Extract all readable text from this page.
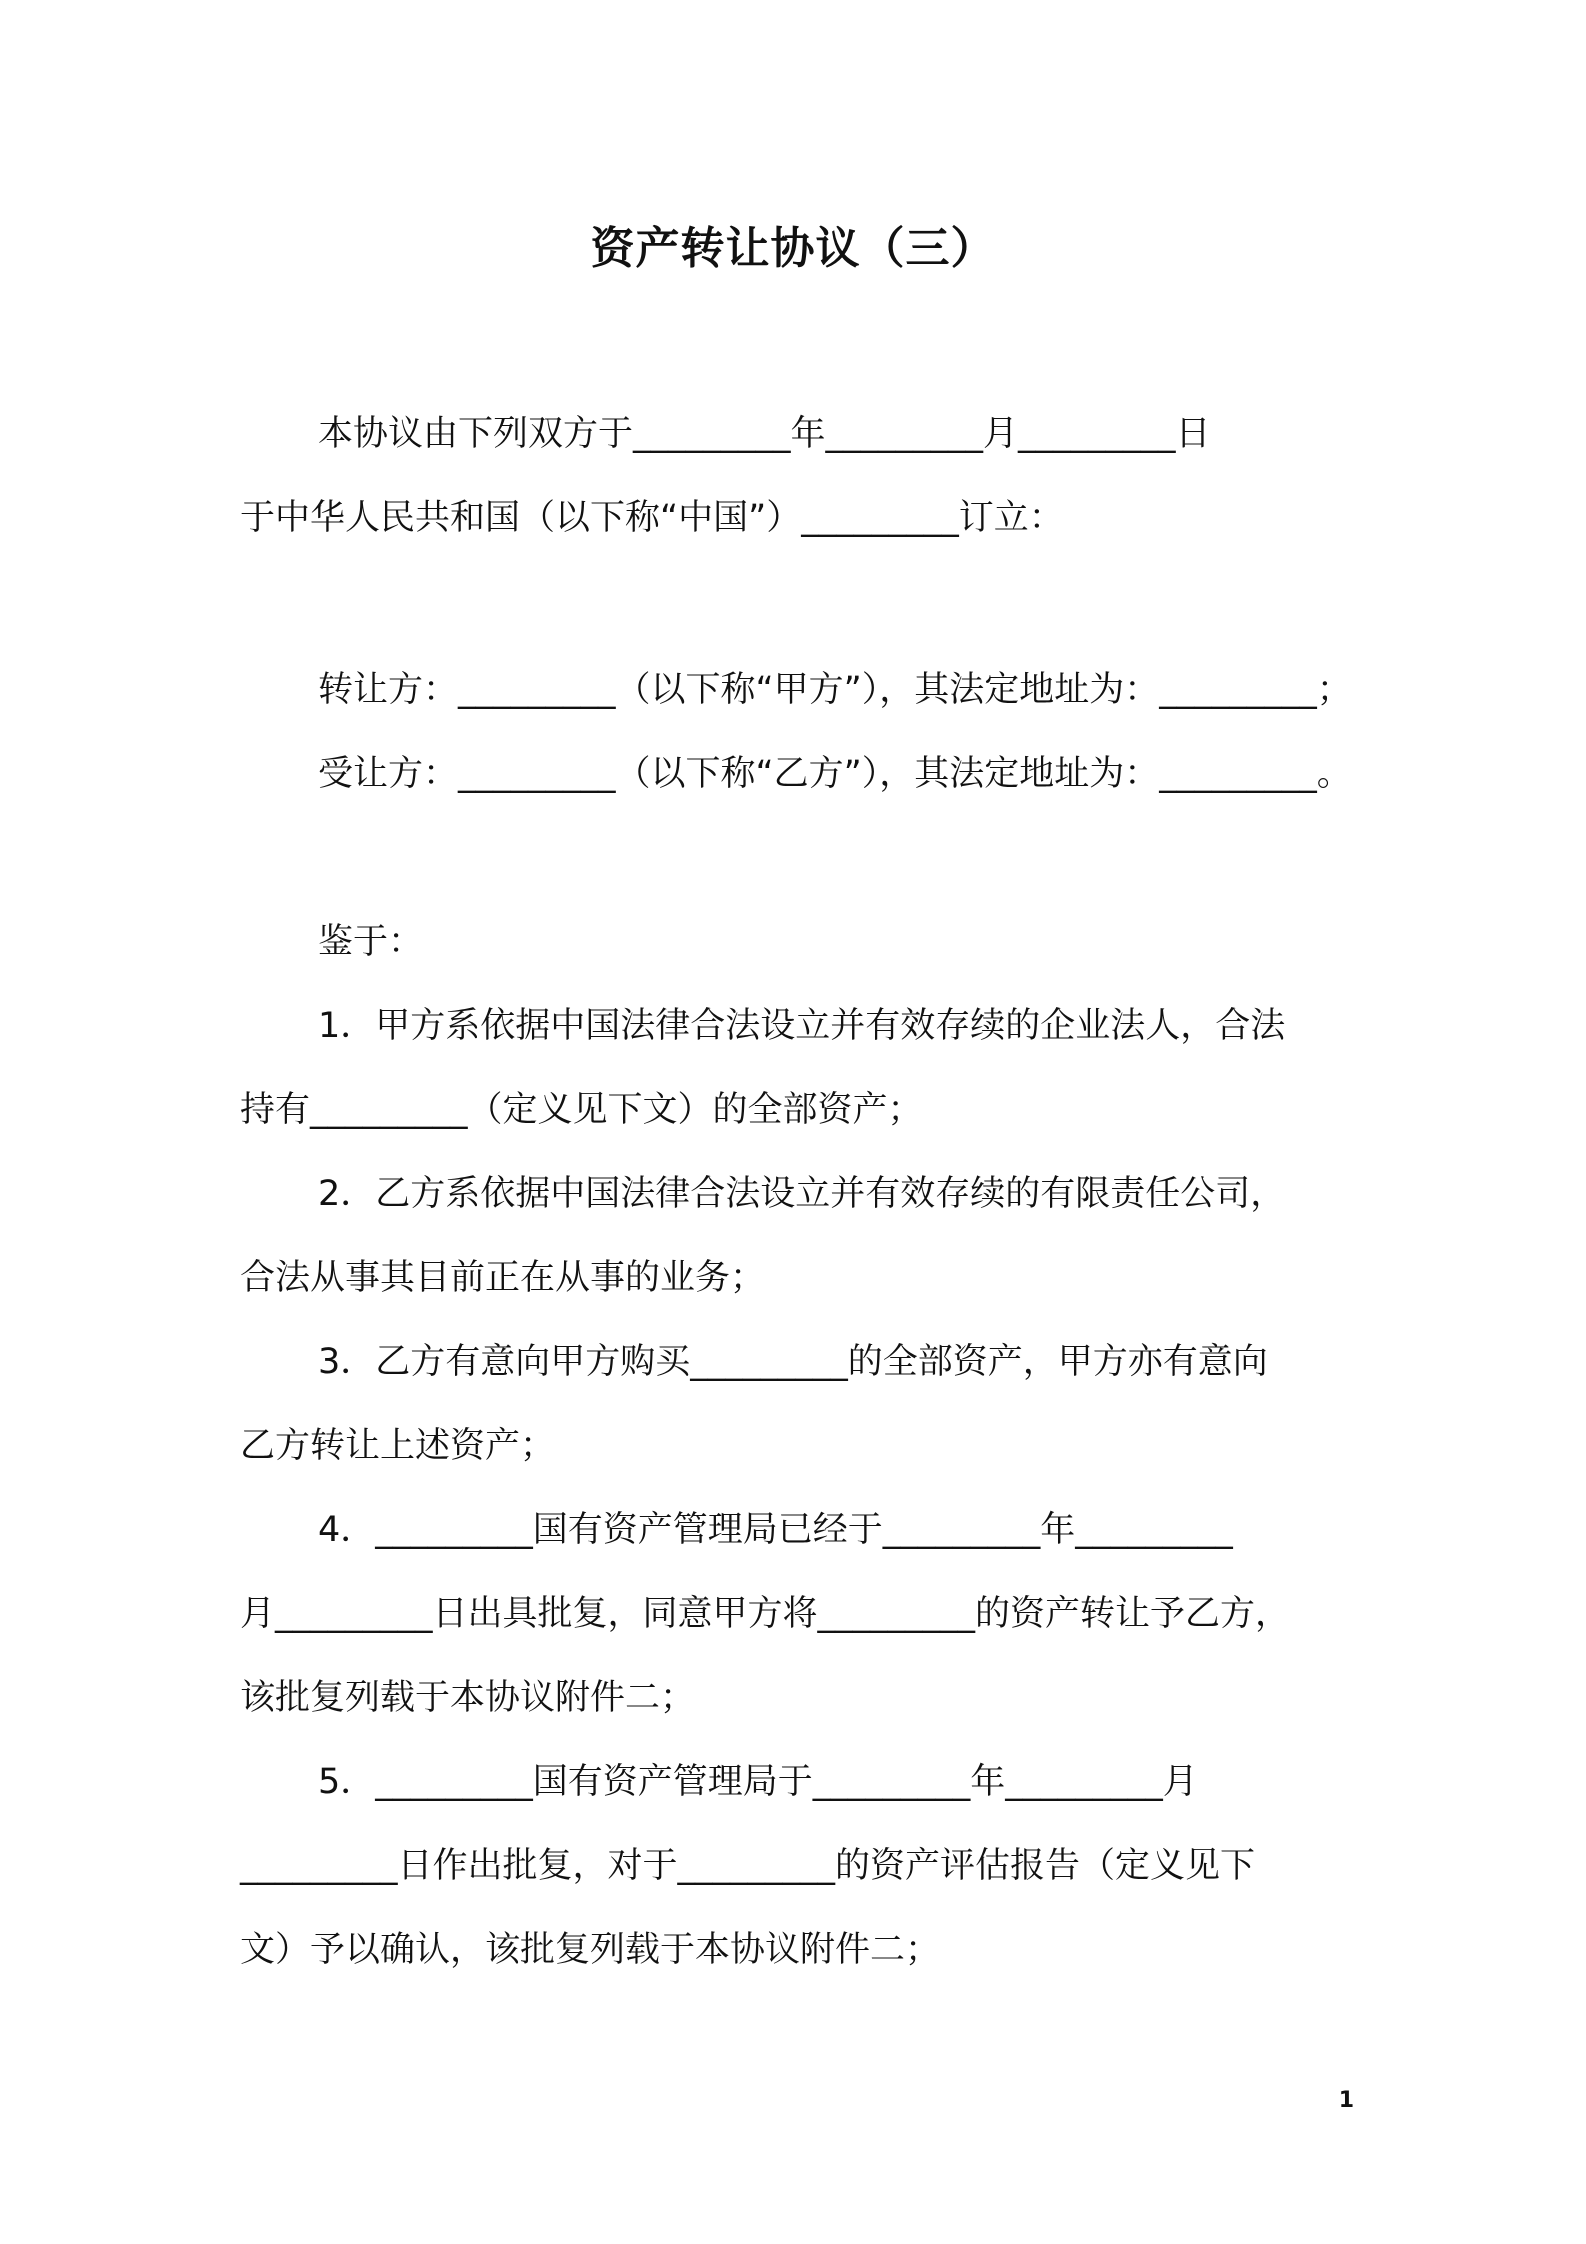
资产转让协议（三）
本协议由下列双方于_________年_________月_________日
于中华人民共和国（以下称“中国”）_________订立：
转让方：_________（以下称“甲方”），其法定地址为：_________；
受让方：_________（以下称“乙方”），其法定地址为：_________。
鉴于：
1．甲方系依据中国法律合法设立并有效存续的企业法人，合法
持有_________（定义见下文）的全部资产；
2．乙方系依据中国法律合法设立并有效存续的有限责任公司，
合法从事其目前正在从事的业务；
3．乙方有意向甲方购买_________的全部资产，甲方亦有意向
乙方转让上述资产；
4．_________国有资产管理局已经于_________年_________
月_________日出具批复，同意甲方将_________的资产转让予乙方，
该批复列载于本协议附件二；
5．_________国有资产管理局于_________年_________月
_________日作出批复，对于_________的资产评估报告（定义见下
文）予以确认，该批复列载于本协议附件二；
1
